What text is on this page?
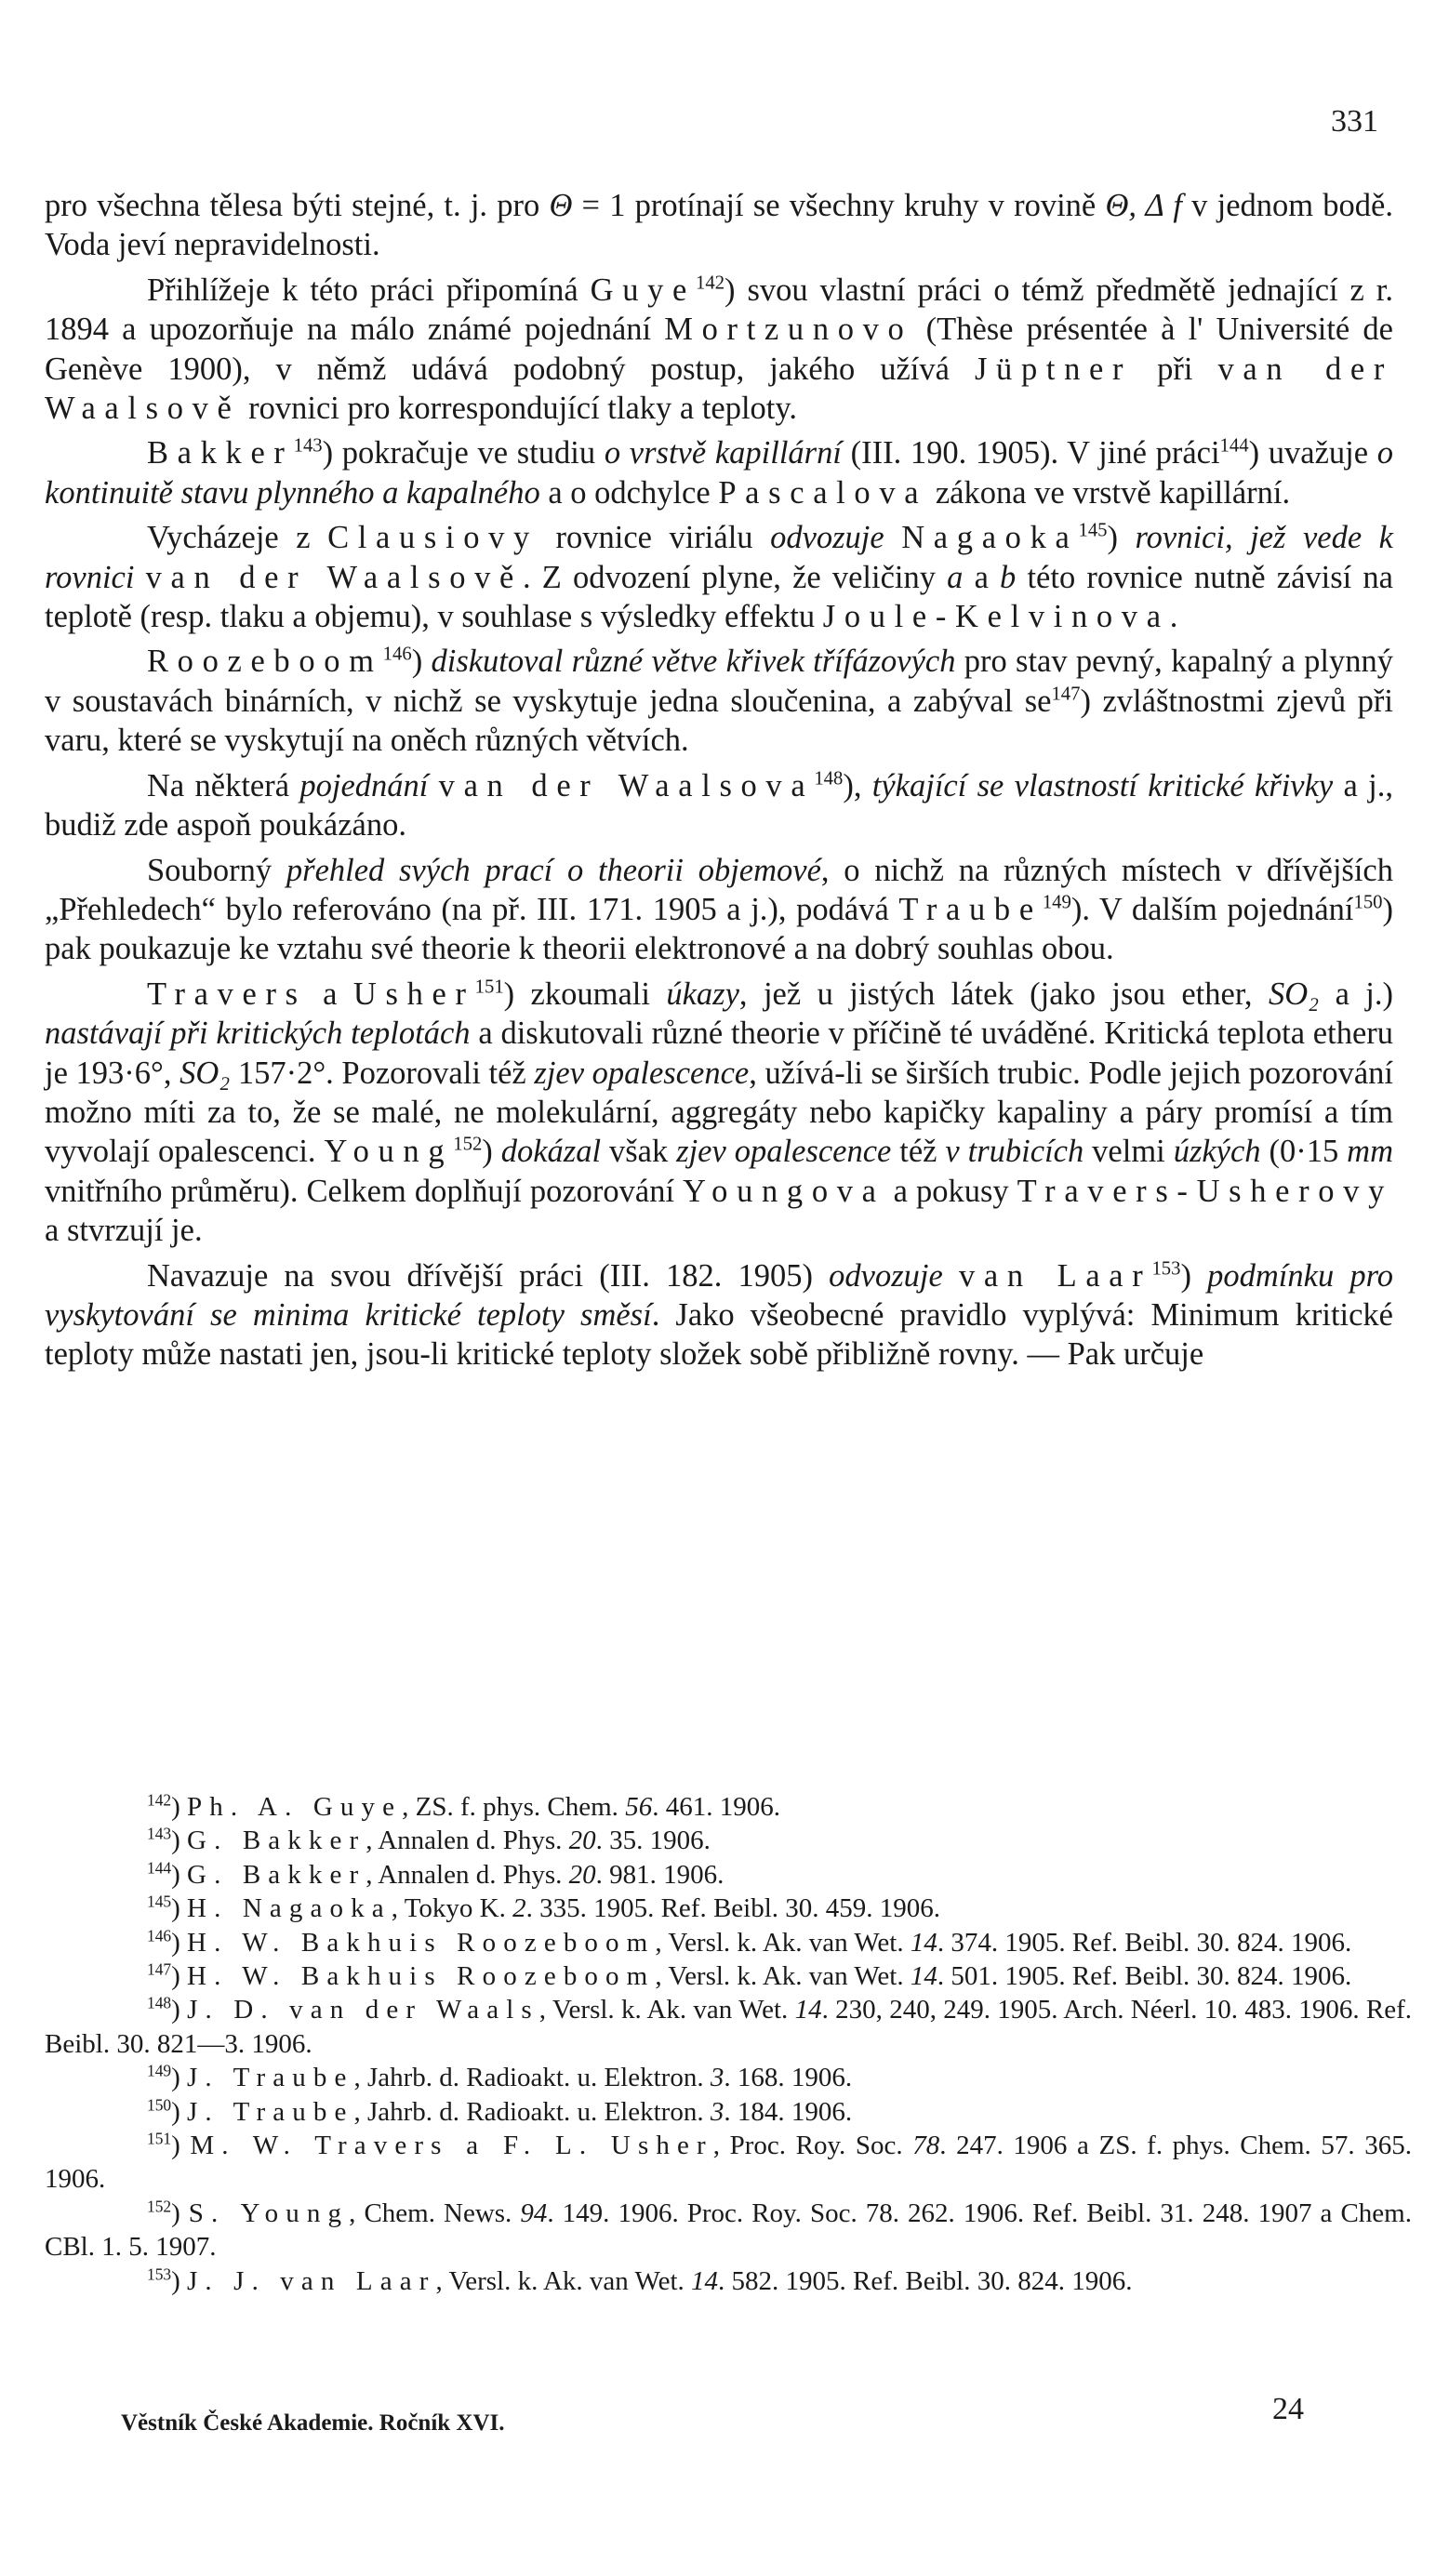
331

pro všechna tělesa býti stejné, t. j. pro Θ = 1 protínají se všechny kruhy v rovině Θ, Δ f v jednom bodě. Voda jeví nepravidelnosti.

Přihlížeje k této práci připomíná Guye$^{142}$) svou vlastní práci o témž předmětě jednající z r. 1894 a upozorňuje na málo známé pojednání Mortzunovo (Thèse présentée à l' Université de Genève 1900), v němž udává podobný postup, jakého užívá Jüptner při van der Waalsově rovnici pro korrespondující tlaky a teploty.

Bakker$^{143}$) pokračuje ve studiu o vrstvě kapillární (III. 190. 1905). V jiné práci$^{144}$) uvažuje o kontinuitě stavu plynného a kapalného a o odchylce Pascalova zákona ve vrstvě kapillární.

Vycházeje z Clausiovy rovnice viriálu odvozuje Nagaoka$^{145}$) rovnici, jež vede k rovnici van der Waalsově. Z odvození plyne, že veličiny a a b této rovnice nutně závisí na teplotě (resp. tlaku a objemu), v souhlase s výsledky effektu Joule-Kelvinova.

Roozeboom$^{146}$) diskutoval různé větve křivek třífázových pro stav pevný, kapalný a plynný v soustavách binárních, v nichž se vyskytuje jedna sloučenina, a zabýval $se^{147}$) zvláštnostmi zjevů při varu, které se vyskytují na oněch různých větvích.

Na některá pojednání van der Waalsova$^{148}$), týkající se vlastností kritické křivky a j., budiž zde aspoň poukázáno.

Souborný přehled svých prací o theorii objemové, o nichž na různých místech v dřívějších „Přehledech“ bylo referováno (na př. III. 171. 1905 a j.), podává Traube$^{149}$). V dalším pojednání$^{150}$) pak poukazuje ke vztahu své theorie k theorii elektronové a na dobrý souhlas obou.

Travers a Usher$^{151}$) zkoumali úkazy, jež u jistých látek (jako jsou ether, SO₂ a j.) nastávají při kritických teplotách a diskutovali různé theorie v příčině té uváděné. Kritická teplota etheru je 193·6°, SO₂ 157·2°. Pozorovali též zjev opalescence, užívá-li se širších trubic. Podle jejich pozorování možno míti za to, že se malé, ne molekulární, aggregáty nebo kapičky kapaliny a páry promísí a tím vyvolají opalescenci. Young$^{152}$) dokázal však zjev opalescence též v trubicích velmi úzkých (0·15 mm vnitřního průměru). Celkem doplňují pozorování Youngova a pokusy Travers-Usherovy a stvrzují je.

Navazuje na svou dřívější práci (III. 182. 1905) odvozuje van Laar$^{153}$) podmínku pro vyskytování se minima kritické teploty směsí. Jako všeobecné pravidlo vyplývá: Minimum kritické teploty může nastati jen, jsou-li kritické teploty složek sobě přibližně rovny. — Pak určuje

$^{142}$) Ph. A. Guye, ZS. f. phys. Chem. 56. 461. 1906.

$^{143}$) G. Bakker, Annalen d. Phys. 20. 35. 1906.

$^{144}$) G. Bakker, Annalen d. Phys. 20. 981. 1906.

$^{145}$) H. Nagaoka, Tokyo K. 2. 335. 1905. Ref. Beibl. 30. 459. 1906.

$^{146}$) H. W. Bakhuis Roozeboom, Versl. k. Ak. van Wet. 14. 374. 1905. Ref. Beibl. 30. 824. 1906.

$^{147}$) H. W. Bakhuis Roozeboom, Versl. k. Ak. van Wet. 14. 501. 1905. Ref. Beibl. 30. 824. 1906.

$^{148}$) J. D. van der Waals, Versl. k. Ak. van Wet. 14. 230, 240, 249. 1905. Arch. Néerl. 10. 483. 1906. Ref. Beibl. 30. 821—3. 1906.

$^{149}$) J. Traube, Jahrb. d. Radioakt. u. Elektron. 3. 168. 1906.

$^{150}$) J. Traube, Jahrb. d. Radioakt. u. Elektron. 3. 184. 1906.

$^{151}$) M. W. Travers a F. L. Usher, Proc. Roy. Soc. 78. 247. 1906 a ZS. f. phys. Chem. 57. 365. 1906.

$^{152}$) S. Young, Chem. News. 94. 149. 1906. Proc. Roy. Soc. 78. 262. 1906. Ref. Beibl. 31. 248. 1907 a Chem. CBl. 1. 5. 1907.

$^{153}$) J. J. van Laar, Versl. k. Ak. van Wet. 14. 582. 1905. Ref. Beibl. 30. 824. 1906.

Věstník České Akademie. Ročník XVI.	24
